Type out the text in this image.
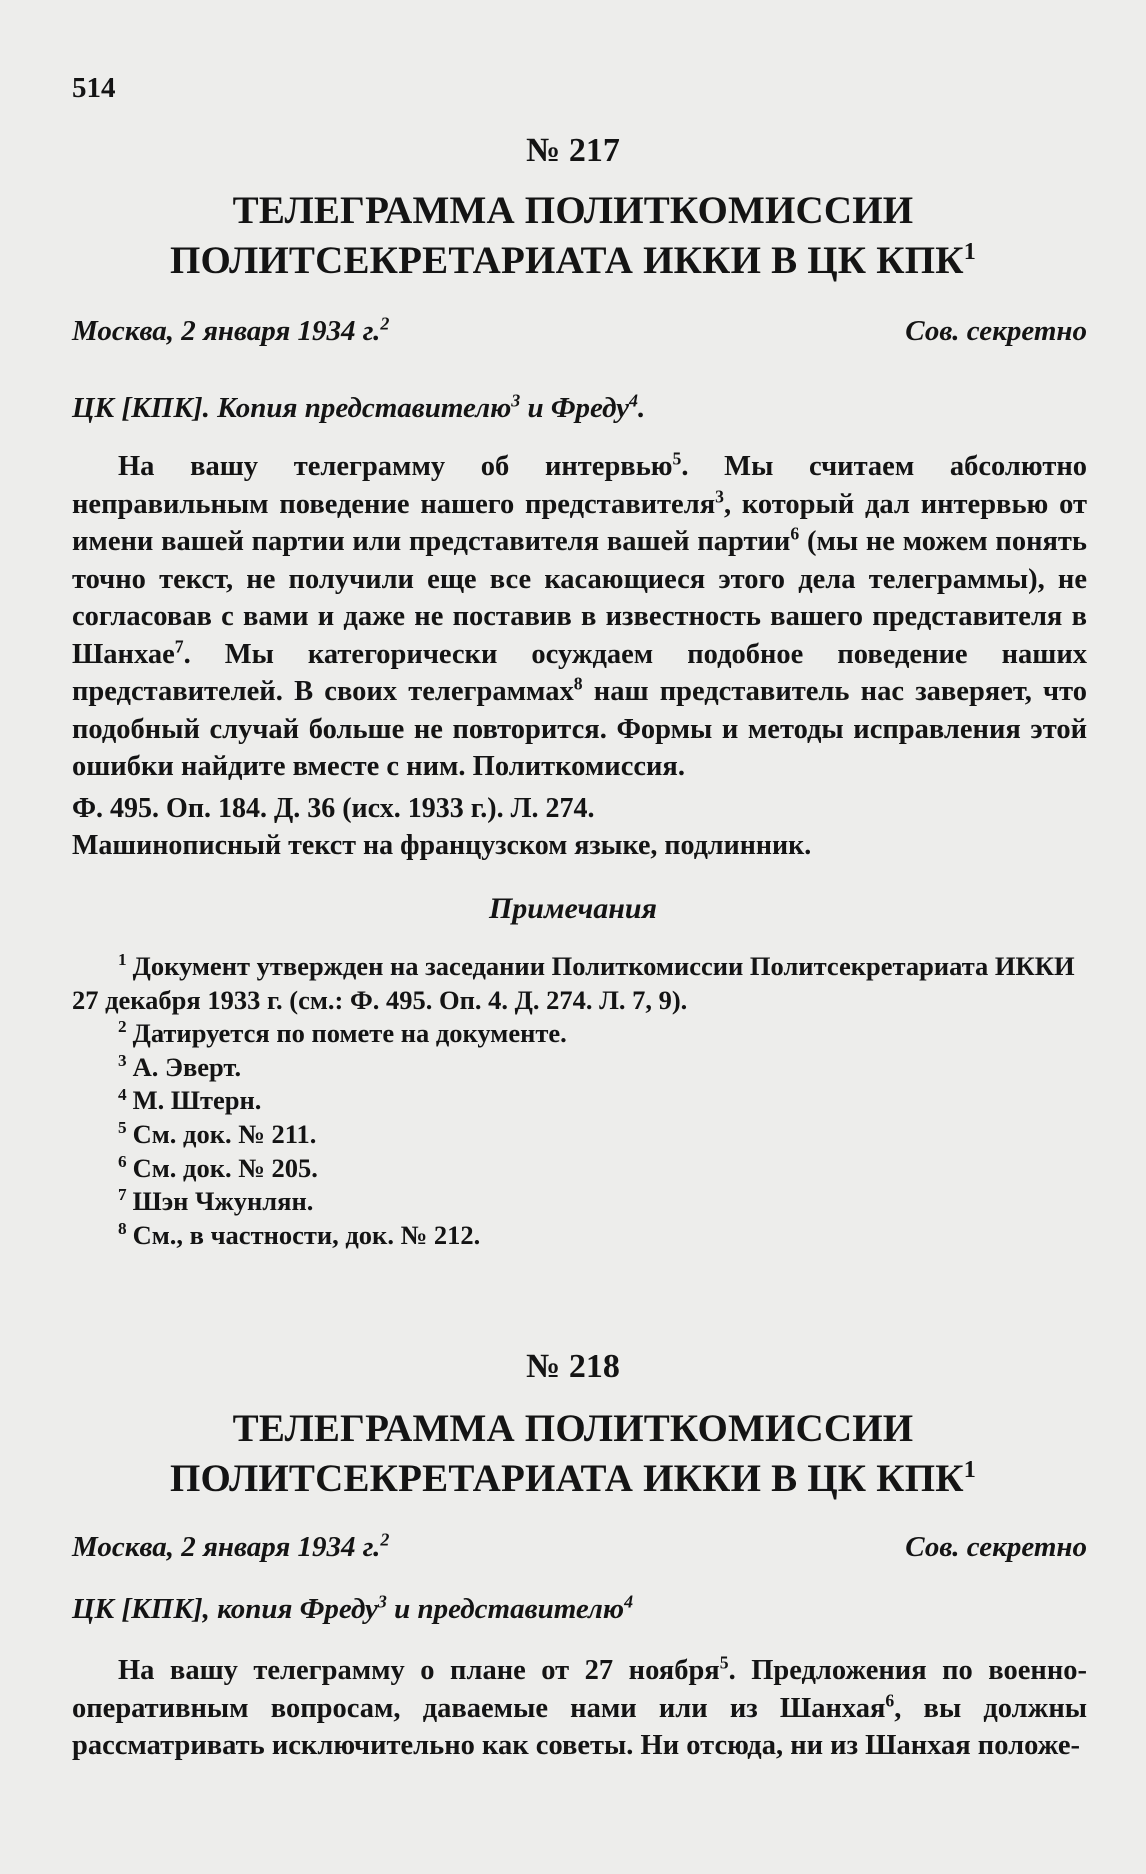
514
№ 217
ТЕЛЕГРАММА ПОЛИТКОМИССИИ
ПОЛИТСЕКРЕТАРИАТА ИККИ В ЦК КПК$^1$
Москва, 2 января 1934 г.$^2$	Сов. секретно
ЦК [КПК]. Копия представителю$^3$ и Фреду$^4$.

На вашу телеграмму об интервью$^5$. Мы считаем абсолютно неправильным поведение нашего представителя$^3$, который дал интервью от имени вашей партии или представителя вашей партии$^6$ (мы не можем понять точно текст, не получили еще все касающиеся этого дела телеграммы), не согласовав с вами и даже не поставив в известность вашего представителя в Шанхае$^7$. Мы категорически осуждаем подобное поведение наших представителей. В своих телеграммах$^8$ наш представитель нас заверяет, что подобный случай больше не повторится. Формы и методы исправления этой ошибки найдите вместе с ним. Политкомиссия.

Ф. 495. Оп. 184. Д. 36 (исх. 1933 г.). Л. 274.
Машинописный текст на французском языке, подлинник.
Примечания

$^1$ Документ утвержден на заседании Политкомиссии Политсекретариата ИККИ 27 декабря 1933 г. (см.: Ф. 495. Оп. 4. Д. 274. Л. 7, 9).

$^2$ Датируется по помете на документе.

$^3$ А. Эверт.

$^4$ М. Штерн.

$^5$ См. док. № 211.

$^6$ См. док. № 205.

$^7$ Шэн Чжунлян.

$^8$ См., в частности, док. № 212.

№ 218
ТЕЛЕГРАММА ПОЛИТКОМИССИИ
ПОЛИТСЕКРЕТАРИАТА ИККИ В ЦК КПК$^1$
Москва, 2 января 1934 г.$^2$	Сов. секретно
ЦК [КПК], копия Фреду$^3$ и представителю$^4$

На вашу телеграмму о плане от 27 ноября$^5$. Предложения по военно-оперативным вопросам, даваемые нами или из Шанхая$^6$, вы должны рассматривать исключительно как советы. Ни отсюда, ни из Шанхая положе-
